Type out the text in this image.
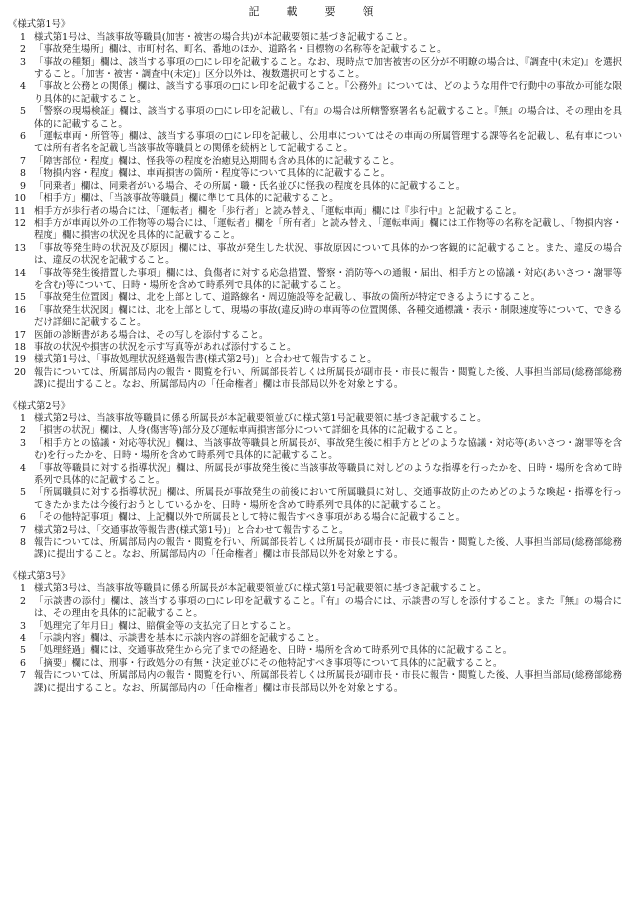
記　載　要　領
《様式第1号》
1 様式第1号は、当該事故等職員(加害・被害の場合共)が本記載要領に基づき記載すること。
2 「事故発生場所」欄は、市町村名、町名、番地のほか、道路名・目標物の名称等を記載すること。
3 「事故の種類」欄は、該当する事項の□にレ印を記載すること。なお、現時点で加害被害の区分が不明瞭の場合は、『調査中(未定)』を選択すること。「加害・被害・調査中(未定)」区分以外は、複数選択可とすること。
4 「事故と公務との関係」欄は、該当する事項の□にレ印を記載すること。『公務外』については、どのような用件で行動中の事故か可能な限り具体的に記載すること。
5 「警察の現場検証」欄は、該当する事項の□にレ印を記載し、『有』の場合は所轄警察署名も記載すること。『無』の場合は、その理由を具体的に記載すること。
6 「運転車両・所管等」欄は、該当する事項の□にレ印を記載し、公用車についてはその車両の所属管理する課等名を記載し、私有車については所有者名を記載し当該事故等職員との関係を続柄として記載すること。
7 「障害部位・程度」欄は、怪我等の程度を治癒見込期間も含め具体的に記載すること。
8 「物損内容・程度」欄は、車両損害の箇所・程度等について具体的に記載すること。
9 「同乗者」欄は、同乗者がいる場合、その所属・職・氏名並びに怪我の程度を具体的に記載すること。
10 「相手方」欄は、「当該事故等職員」欄に準じて具体的に記載すること。
11 相手方が歩行者の場合には、「運転者」欄を「歩行者」と読み替え、「運転車両」欄には『歩行中』と記載すること。
12 相手方が車両以外の工作物等の場合には、「運転者」欄を「所有者」と読み替え、「運転車両」欄には工作物等の名称を記載し、「物損内容・程度」欄に損害の状況を具体的に記載すること。
13 「事故等発生時の状況及び原因」欄には、事故が発生した状況、事故原因について具体的かつ客観的に記載すること。また、違反の場合は、違反の状況を記載すること。
14 「事故等発生後措置した事項」欄には、負傷者に対する応急措置、警察・消防等への通報・届出、相手方との協議・対応(あいさつ・謝罪等を含む)等について、日時・場所を含めて時系列で具体的に記載すること。
15 「事故発生位置図」欄は、北を上部として、道路線名・周辺施設等を記載し、事故の箇所が特定できるようにすること。
16 「事故発生状況図」欄には、北を上部として、現場の事故(違反)時の車両等の位置関係、各種交通標識・表示・制限速度等について、できるだけ詳細に記載すること。
17 医師の診断書がある場合は、その写しを添付すること。
18 事故の状況や損害の状況を示す写真等があれば添付すること。
19 様式第1号は、「事故処理状況経過報告書(様式第2号)」と合わせて報告すること。
20 報告については、所属部局内の報告・閲覧を行い、所属部長若しくは所属長が副市長・市長に報告・閲覧した後、人事担当部局(総務部総務課)に提出すること。なお、所属部局内の「任命権者」欄は市長部局以外を対象とする。
《様式第2号》
1 様式第2号は、当該事故等職員に係る所属長が本記載要領並びに様式第1号記載要領に基づき記載すること。
2 「損害の状況」欄は、人身(傷害等)部分及び運転車両損害部分について詳細を具体的に記載すること。
3 「相手方との協議・対応等状況」欄は、当該事故等職員と所属長が、事故発生後に相手方とどのような協議・対応等(あいさつ・謝罪等を含む)を行ったかを、日時・場所を含めて時系列で具体的に記載すること。
4 「事故等職員に対する指導状況」欄は、所属長が事故発生後に当該事故等職員に対しどのような指導を行ったかを、日時・場所を含めて時系列で具体的に記載すること。
5 「所属職員に対する指導状況」欄は、所属長が事故発生の前後において所属職員に対し、交通事故防止のためどのような喚起・指導を行ってきたかまたは今後行おうとしているかを、日時・場所を含めて時系列で具体的に記載すること。
6 「その他特記事項」欄は、上記欄以外で所属長として特に報告すべき事項がある場合に記載すること。
7 様式第2号は、「交通事故等報告書(様式第1号)」と合わせて報告すること。
8 報告については、所属部局内の報告・閲覧を行い、所属部長若しくは所属長が副市長・市長に報告・閲覧した後、人事担当部局(総務部総務課)に提出すること。なお、所属部局内の「任命権者」欄は市長部局以外を対象とする。
《様式第3号》
1 様式第3号は、当該事故等職員に係る所属長が本記載要領並びに様式第1号記載要領に基づき記載すること。
2 「示談書の添付」欄は、該当する事項の□にレ印を記載すること。『有』の場合には、示談書の写しを添付すること。また『無』の場合には、その理由を具体的に記載すること。
3 「処理完了年月日」欄は、賠償金等の支払完了日とすること。
4 「示談内容」欄は、示談書を基本に示談内容の詳細を記載すること。
5 「処理経過」欄には、交通事故発生から完了までの経過を、日時・場所を含めて時系列で具体的に記載すること。
6 「摘要」欄には、刑事・行政処分の有無・決定並びにその他特記すべき事項等について具体的に記載すること。
7 報告については、所属部局内の報告・閲覧を行い、所属部長若しくは所属長が副市長・市長に報告・閲覧した後、人事担当部局(総務部総務課)に提出すること。なお、所属部局内の「任命権者」欄は市長部局以外を対象とする。
